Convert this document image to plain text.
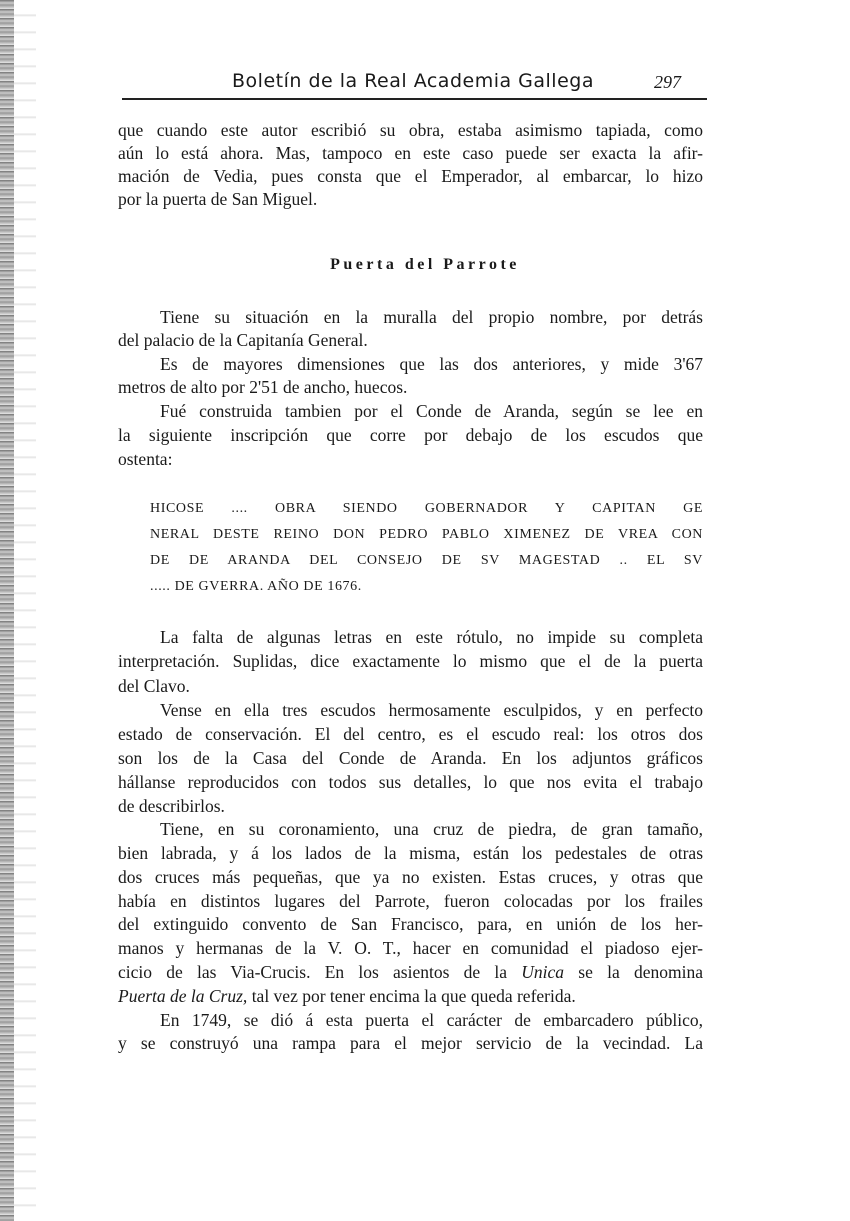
Boletín de la Real Academia Gallega	297
Puerta del Parrote
que cuando este autor escribió su obra, estaba asimismo tapiada, como
aún lo está ahora. Mas, tampoco en este caso puede ser exacta la afir-
mación de Vedia, pues consta que el Emperador, al embarcar, lo hizo
por la puerta de San Miguel.
Tiene su situación en la muralla del propio nombre, por detrás
del palacio de la Capitanía General.
Es de mayores dimensiones que las dos anteriores, y mide 3'67
metros de alto por 2'51 de ancho, huecos.
Fué construida tambien por el Conde de Aranda, según se lee en
la siguiente inscripción que corre por debajo de los escudos que
ostenta:
HICOSE .... OBRA SIENDO GOBERNADOR Y CAPITAN GE
NERAL DESTE REINO DON PEDRO PABLO XIMENEZ DE VREA CON
DE DE ARANDA DEL CONSEJO DE SV MAGESTAD .. EL SV
..... DE GVERRA. AÑO DE 1676.
La falta de algunas letras en este rótulo, no impide su completa
interpretación. Suplidas, dice exactamente lo mismo que el de la puerta
del Clavo.
Vense en ella tres escudos hermosamente esculpidos, y en perfecto
estado de conservación. El del centro, es el escudo real: los otros dos
son los de la Casa del Conde de Aranda. En los adjuntos gráficos
hállanse reproducidos con todos sus detalles, lo que nos evita el trabajo
de describirlos.
Tiene, en su coronamiento, una cruz de piedra, de gran tamaño,
bien labrada, y á los lados de la misma, están los pedestales de otras
dos cruces más pequeñas, que ya no existen. Estas cruces, y otras que
había en distintos lugares del Parrote, fueron colocadas por los frailes
del extinguido convento de San Francisco, para, en unión de los her-
manos y hermanas de la V. O. T., hacer en comunidad el piadoso ejer-
cicio de las Via-Crucis. En los asientos de la Unica se la denomina
Puerta de la Cruz, tal vez por tener encima la que queda referida.
En 1749, se dió á esta puerta el carácter de embarcadero público,
y se construyó una rampa para el mejor servicio de la vecindad. La
